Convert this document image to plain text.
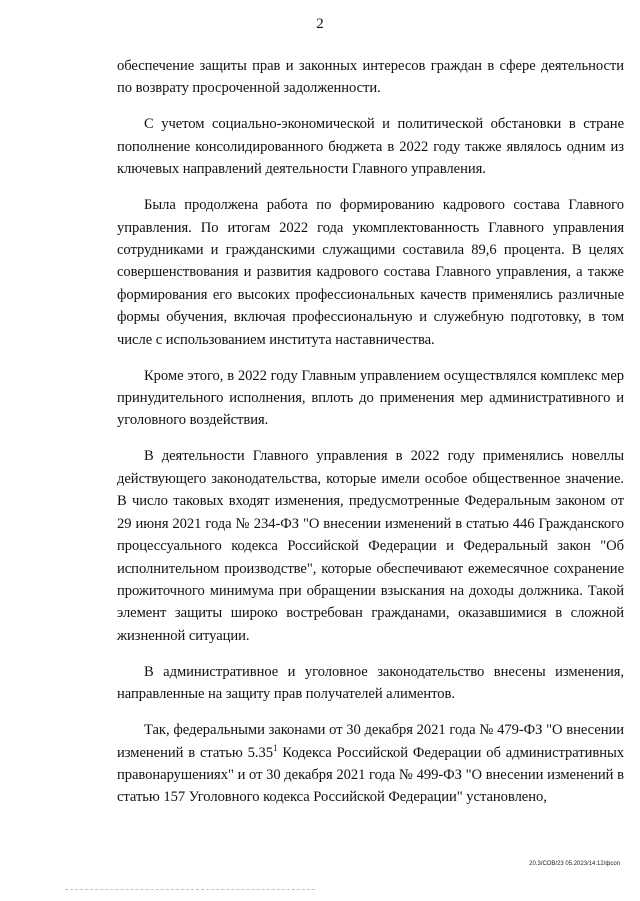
2

обеспечение защиты прав и законных интересов граждан в сфере деятельности по возврату просроченной задолженности.

С учетом социально-экономической и политической обстановки в стране пополнение консолидированного бюджета в 2022 году также являлось одним из ключевых направлений деятельности Главного управления.

Была продолжена работа по формированию кадрового состава Главного управления. По итогам 2022 года укомплектованность Главного управления сотрудниками и гражданскими служащими составила 89,6 процента. В целях совершенствования и развития кадрового состава Главного управления, а также формирования его высоких профессиональных качеств применялись различные формы обучения, включая профессиональную и служебную подготовку, в том числе с использованием института наставничества.

Кроме этого, в 2022 году Главным управлением осуществлялся комплекс мер принудительного исполнения, вплоть до применения мер административного и уголовного воздействия.

В деятельности Главного управления в 2022 году применялись новеллы действующего законодательства, которые имели особое общественное значение. В число таковых входят изменения, предусмотренные Федеральным законом от 29 июня 2021 года № 234-ФЗ "О внесении изменений в статью 446 Гражданского процессуального кодекса Российской Федерации и Федеральный закон "Об исполнительном производстве", которые обеспечивают ежемесячное сохранение прожиточного минимума при обращении взыскания на доходы должника. Такой элемент защиты широко востребован гражданами, оказавшимися в сложной жизненной ситуации.

В административное и уголовное законодательство внесены изменения, направленные на защиту прав получателей алиментов.

Так, федеральными законами от 30 декабря 2021 года № 479-ФЗ "О внесении изменений в статью 5.35$^1$ Кодекса Российской Федерации об административных правонарушениях" и от 30 декабря 2021 года № 499-ФЗ "О внесении изменений в статью 157 Уголовного кодекса Российской Федерации" установлено,

20.3/СОВ/23 05.2023/14:12/фсоп
